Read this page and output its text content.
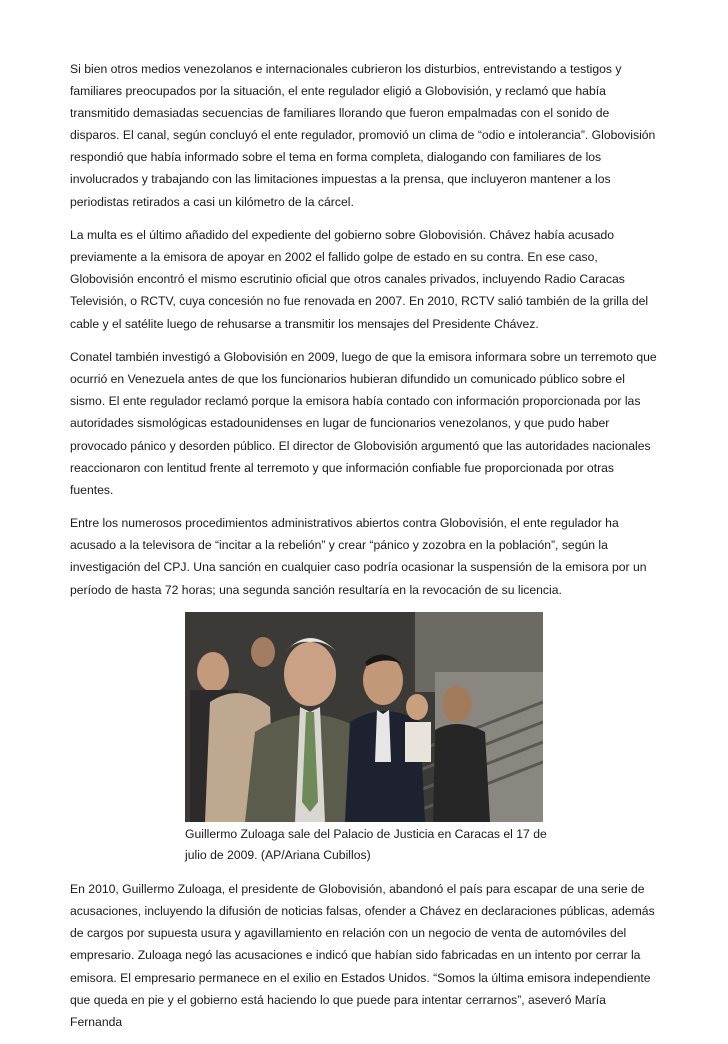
Si bien otros medios venezolanos e internacionales cubrieron los disturbios, entrevistando a testigos y familiares preocupados por la situación, el ente regulador eligió a Globovisión, y reclamó que había transmitido demasiadas secuencias de familiares llorando que fueron empalmadas con el sonido de disparos. El canal, según concluyó el ente regulador, promovió un clima de “odio e intolerancia”. Globovisión respondió que había informado sobre el tema en forma completa, dialogando con familiares de los involucrados y trabajando con las limitaciones impuestas a la prensa, que incluyeron mantener a los periodistas retirados a casi un kilómetro de la cárcel.

La multa es el último añadido del expediente del gobierno sobre Globovisión. Chávez había acusado previamente a la emisora de apoyar en 2002 el fallido golpe de estado en su contra. En ese caso, Globovisión encontró el mismo escrutinio oficial que otros canales privados, incluyendo Radio Caracas Televisión, o RCTV, cuya concesión no fue renovada en 2007. En 2010, RCTV salió también de la grilla del cable y el satélite luego de rehusarse a transmitir los mensajes del Presidente Chávez.

Conatel también investigó a Globovisión en 2009, luego de que la emisora informara sobre un terremoto que ocurrió en Venezuela antes de que los funcionarios hubieran difundido un comunicado público sobre el sismo. El ente regulador reclamó porque la emisora había contado con información proporcionada por las autoridades sismológicas estadounidenses en lugar de funcionarios venezolanos, y que pudo haber provocado pánico y desorden público. El director de Globovisión argumentó que las autoridades nacionales reaccionaron con lentitud frente al terremoto y que información confiable fue proporcionada por otras fuentes.

Entre los numerosos procedimientos administrativos abiertos contra Globovisión, el ente regulador ha acusado a la televisora de “incitar a la rebelión” y crear “pánico y zozobra en la población”, según la investigación del CPJ. Una sanción en cualquier caso podría ocasionar la suspensión de la emisora por un período de hasta 72 horas; una segunda sanción resultaría en la revocación de su licencia.

Guillermo Zuloaga sale del Palacio de Justicia en Caracas el 17 de julio de 2009. (AP/Ariana Cubillos)

En 2010, Guillermo Zuloaga, el presidente de Globovisión, abandonó el país para escapar de una serie de acusaciones, incluyendo la difusión de noticias falsas, ofender a Chávez en declaraciones públicas, además de cargos por supuesta usura y agavillamiento en relación con un negocio de venta de automóviles del empresario. Zuloaga negó las acusaciones e indicó que habían sido fabricadas en un intento por cerrar la emisora. El empresario permanece en el exilio en Estados Unidos. “Somos la última emisora independiente que queda en pie y el gobierno está haciendo lo que puede para intentar cerrarnos”, aseveró María Fernanda
